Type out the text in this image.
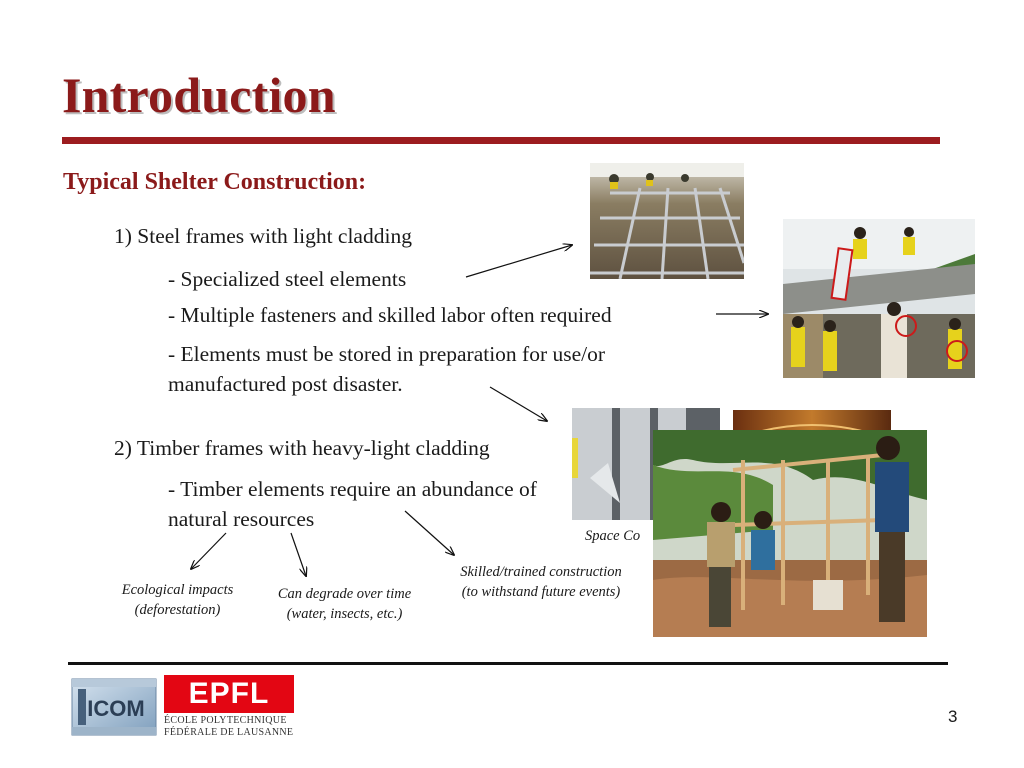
Introduction
Typical Shelter Construction:
1) Steel frames with light cladding
- Specialized steel elements
- Multiple fasteners and skilled labor often required
- Elements must be stored in preparation for use/or
manufactured post disaster.
2) Timber frames with heavy-light cladding
- Timber elements require an abundance of
natural resources
Ecological impacts
(deforestation)
Can degrade over time
(water, insects, etc.)
Skilled/trained construction
(to withstand future events)
Space Co
ICOM	EPFL
ÉCOLE POLYTECHNIQUE
FÉDÉRALE DE LAUSANNE
3
